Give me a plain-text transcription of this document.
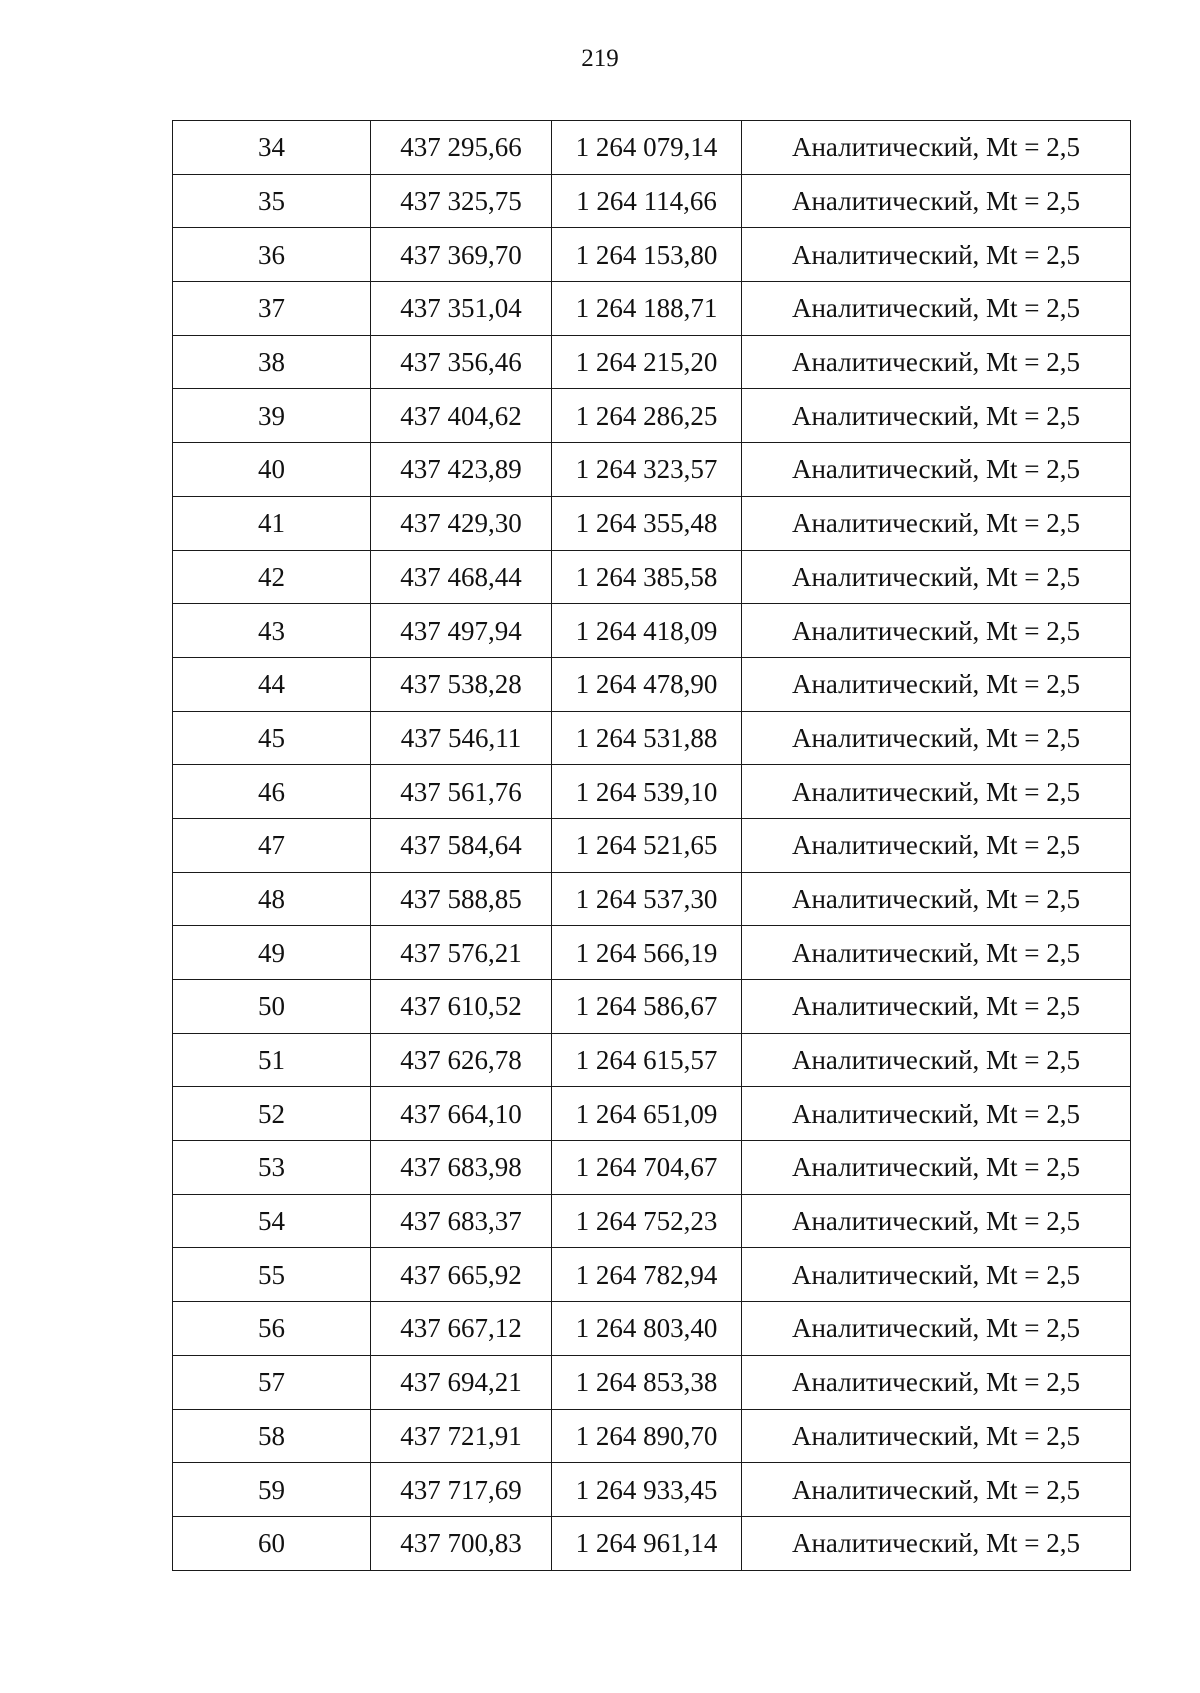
219
34	437 295,66	1 264 079,14	Аналитический, Mt = 2,5
35	437 325,75	1 264 114,66	Аналитический, Mt = 2,5
36	437 369,70	1 264 153,80	Аналитический, Mt = 2,5
37	437 351,04	1 264 188,71	Аналитический, Mt = 2,5
38	437 356,46	1 264 215,20	Аналитический, Mt = 2,5
39	437 404,62	1 264 286,25	Аналитический, Mt = 2,5
40	437 423,89	1 264 323,57	Аналитический, Mt = 2,5
41	437 429,30	1 264 355,48	Аналитический, Mt = 2,5
42	437 468,44	1 264 385,58	Аналитический, Mt = 2,5
43	437 497,94	1 264 418,09	Аналитический, Mt = 2,5
44	437 538,28	1 264 478,90	Аналитический, Mt = 2,5
45	437 546,11	1 264 531,88	Аналитический, Mt = 2,5
46	437 561,76	1 264 539,10	Аналитический, Mt = 2,5
47	437 584,64	1 264 521,65	Аналитический, Mt = 2,5
48	437 588,85	1 264 537,30	Аналитический, Mt = 2,5
49	437 576,21	1 264 566,19	Аналитический, Mt = 2,5
50	437 610,52	1 264 586,67	Аналитический, Mt = 2,5
51	437 626,78	1 264 615,57	Аналитический, Mt = 2,5
52	437 664,10	1 264 651,09	Аналитический, Mt = 2,5
53	437 683,98	1 264 704,67	Аналитический, Mt = 2,5
54	437 683,37	1 264 752,23	Аналитический, Mt = 2,5
55	437 665,92	1 264 782,94	Аналитический, Mt = 2,5
56	437 667,12	1 264 803,40	Аналитический, Mt = 2,5
57	437 694,21	1 264 853,38	Аналитический, Mt = 2,5
58	437 721,91	1 264 890,70	Аналитический, Mt = 2,5
59	437 717,69	1 264 933,45	Аналитический, Mt = 2,5
60	437 700,83	1 264 961,14	Аналитический, Mt = 2,5
